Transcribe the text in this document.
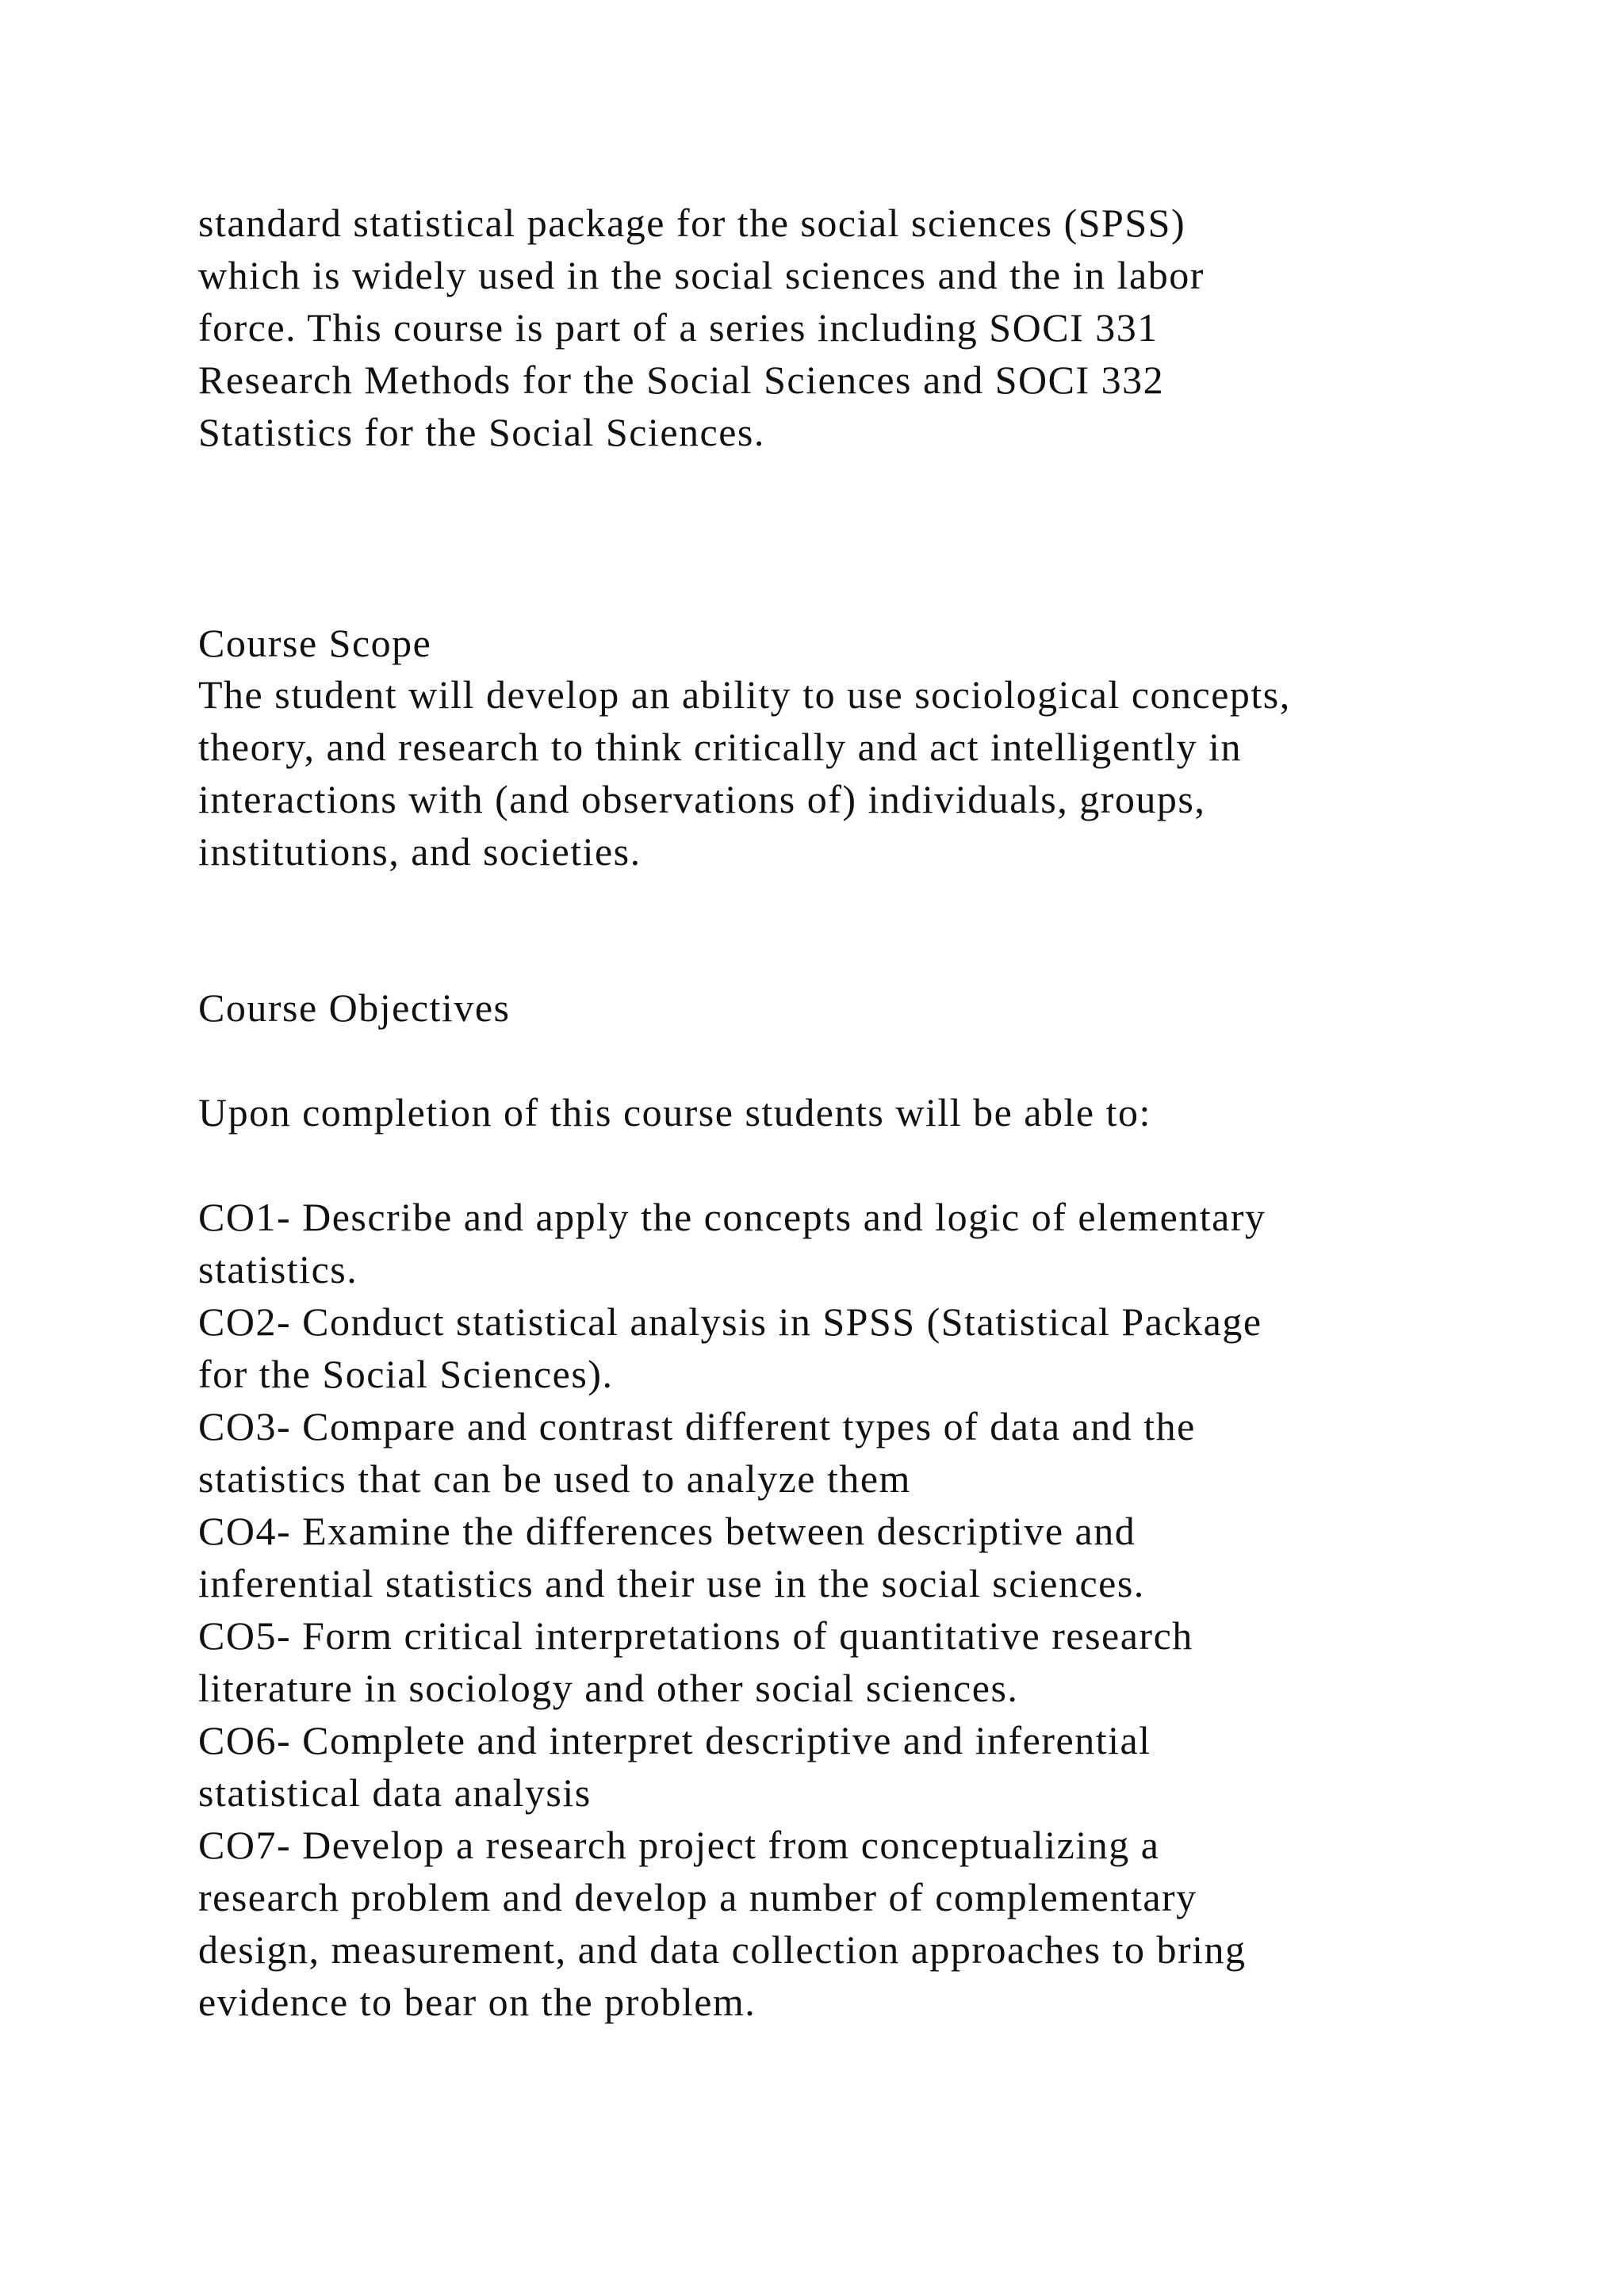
standard statistical package for the social sciences (SPSS)
which is widely used in the social sciences and the in labor
force. This course is part of a series including SOCI 331
Research Methods for the Social Sciences and SOCI 332
Statistics for the Social Sciences.
Course Scope
The student will develop an ability to use sociological concepts,
theory, and research to think critically and act intelligently in
interactions with (and observations of) individuals, groups,
institutions, and societies.
Course Objectives
Upon completion of this course students will be able to:
CO1- Describe and apply the concepts and logic of elementary
statistics.
CO2- Conduct statistical analysis in SPSS (Statistical Package
for the Social Sciences).
CO3- Compare and contrast different types of data and the
statistics that can be used to analyze them
CO4- Examine the differences between descriptive and
inferential statistics and their use in the social sciences.
CO5- Form critical interpretations of quantitative research
literature in sociology and other social sciences.
CO6- Complete and interpret descriptive and inferential
statistical data analysis
CO7- Develop a research project from conceptualizing a
research problem and develop a number of complementary
design, measurement, and data collection approaches to bring
evidence to bear on the problem.
